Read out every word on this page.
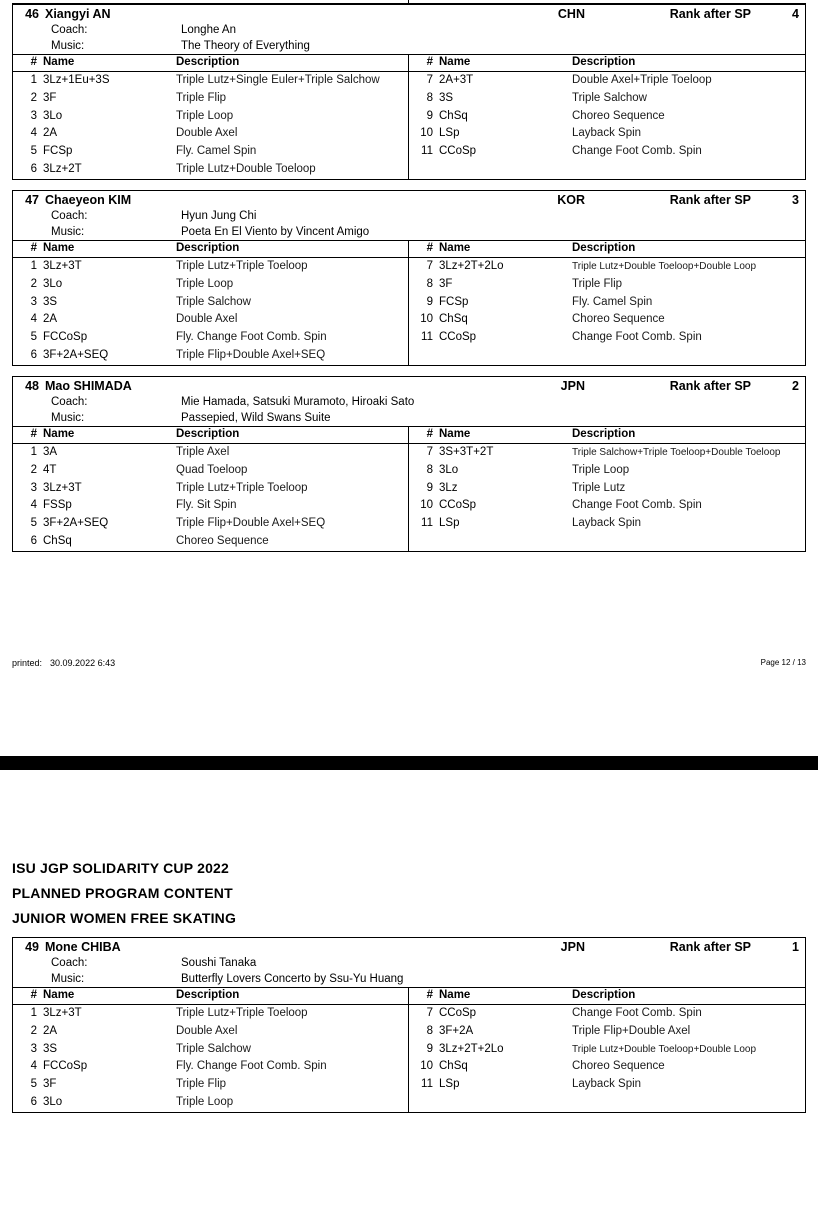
46 Xiangyi AN	CHN	Rank after SP	4
Coach:	Longhe An
Music:	The Theory of Everything
# Name	Description
1 3Lz+1Eu+3S	Triple Lutz+Single Euler+Triple Salchow
2 3F	Triple Flip
3 3Lo	Triple Loop
4 2A	Double Axel
5 FCSp	Fly. Camel Spin
6 3Lz+2T	Triple Lutz+Double Toeloop
# Name	Description
7 2A+3T	Double Axel+Triple Toeloop
8 3S	Triple Salchow
9 ChSq	Choreo Sequence
10 LSp	Layback Spin
11 CCoSp	Change Foot Comb. Spin
47 Chaeyeon KIM	KOR	Rank after SP	3
Coach:	Hyun Jung Chi
Music:	Poeta En El Viento by Vincent Amigo
# Name	Description
1 3Lz+3T	Triple Lutz+Triple Toeloop
2 3Lo	Triple Loop
3 3S	Triple Salchow
4 2A	Double Axel
5 FCCoSp	Fly. Change Foot Comb. Spin
6 3F+2A+SEQ	Triple Flip+Double Axel+SEQ
# Name	Description
7 3Lz+2T+2Lo	Triple Lutz+Double Toeloop+Double Loop
8 3F	Triple Flip
9 FCSp	Fly. Camel Spin
10 ChSq	Choreo Sequence
11 CCoSp	Change Foot Comb. Spin
48 Mao SHIMADA	JPN	Rank after SP	2
Coach:	Mie Hamada, Satsuki Muramoto, Hiroaki Sato
Music:	Passepied, Wild Swans Suite
# Name	Description
1 3A	Triple Axel
2 4T	Quad Toeloop
3 3Lz+3T	Triple Lutz+Triple Toeloop
4 FSSp	Fly. Sit Spin
5 3F+2A+SEQ	Triple Flip+Double Axel+SEQ
6 ChSq	Choreo Sequence
# Name	Description
7 3S+3T+2T	Triple Salchow+Triple Toeloop+Double Toeloop
8 3Lo	Triple Loop
9 3Lz	Triple Lutz
10 CCoSp	Change Foot Comb. Spin
11 LSp	Layback Spin
printed: 30.09.2022 6:43	Page 12 / 13
ISU JGP SOLIDARITY CUP 2022
PLANNED PROGRAM CONTENT
JUNIOR WOMEN FREE SKATING
49 Mone CHIBA	JPN	Rank after SP	1
Coach:	Soushi Tanaka
Music:	Butterfly Lovers Concerto by Ssu-Yu Huang
# Name	Description
1 3Lz+3T	Triple Lutz+Triple Toeloop
2 2A	Double Axel
3 3S	Triple Salchow
4 FCCoSp	Fly. Change Foot Comb. Spin
5 3F	Triple Flip
6 3Lo	Triple Loop
# Name	Description
7 CCoSp	Change Foot Comb. Spin
8 3F+2A	Triple Flip+Double Axel
9 3Lz+2T+2Lo	Triple Lutz+Double Toeloop+Double Loop
10 ChSq	Choreo Sequence
11 LSp	Layback Spin
